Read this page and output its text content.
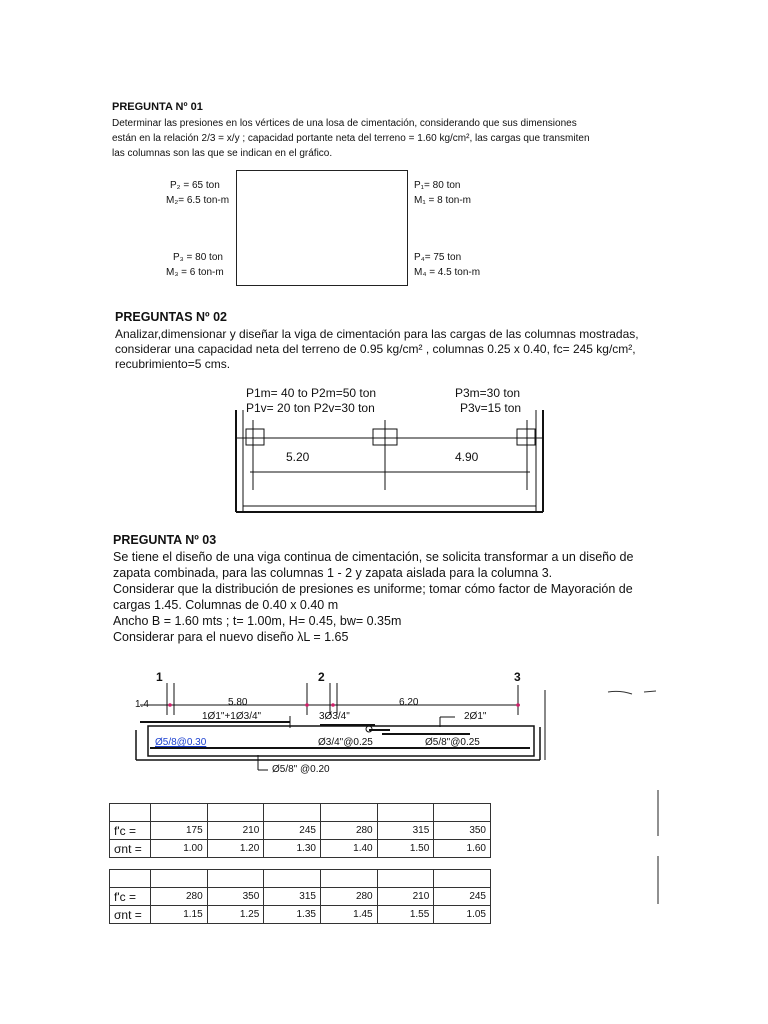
PREGUNTA Nº 01
Determinar las presiones en los vértices de una losa de cimentación, considerando que sus dimensiones
están en la relación 2/3 = x/y ; capacidad portante neta del terreno = 1.60 kg/cm², las cargas que transmiten
las columnas son las que se indican en el gráfico.
P₂ = 65 ton
M₂= 6.5 ton-m
P₁= 80 ton
M₁ = 8 ton-m
P₃ = 80 ton
M₃ = 6 ton-m
P₄= 75 ton
M₄ = 4.5 ton-m
PREGUNTAS Nº 02
Analizar,dimensionar y diseñar la viga de cimentación para las cargas de las columnas mostradas,
considerar una capacidad neta del terreno de 0.95 kg/cm² , columnas 0.25 x 0.40, fc= 245 kg/cm²,
recubrimiento=5 cms.
P1m= 40 to P2m=50 ton
P1v= 20 ton P2v=30 ton
P3m=30 ton
P3v=15 ton
5.20	4.90
PREGUNTA Nº 03
Se tiene el diseño de una viga continua de cimentación, se solicita transformar a un diseño de
zapata combinada, para las columnas 1 - 2 y zapata aislada para la columna 3.
Considerar que la distribución de presiones es uniforme; tomar cómo factor de Mayoración de
cargas 1.45. Columnas de 0.40 x 0.40 m
Ancho B = 1.60 mts ; t= 1.00m, H= 0.45, bw= 0.35m
Considerar para el nuevo diseño λL = 1.65
1	2	3
1.4	5.80	6.20
1Ø1"+1Ø3/4"	3Ø3/4"	2Ø1"
Ø5/8@0.30	Ø3/4"@0.25	Ø5/8"@0.25
Ø5/8" @0.20

f'c =	175	210	245	280	315	350
σnt =	1.00	1.20	1.30	1.40	1.50	1.60

f'c =	280	350	315	280	210	245
σnt =	1.15	1.25	1.35	1.45	1.55	1.05
